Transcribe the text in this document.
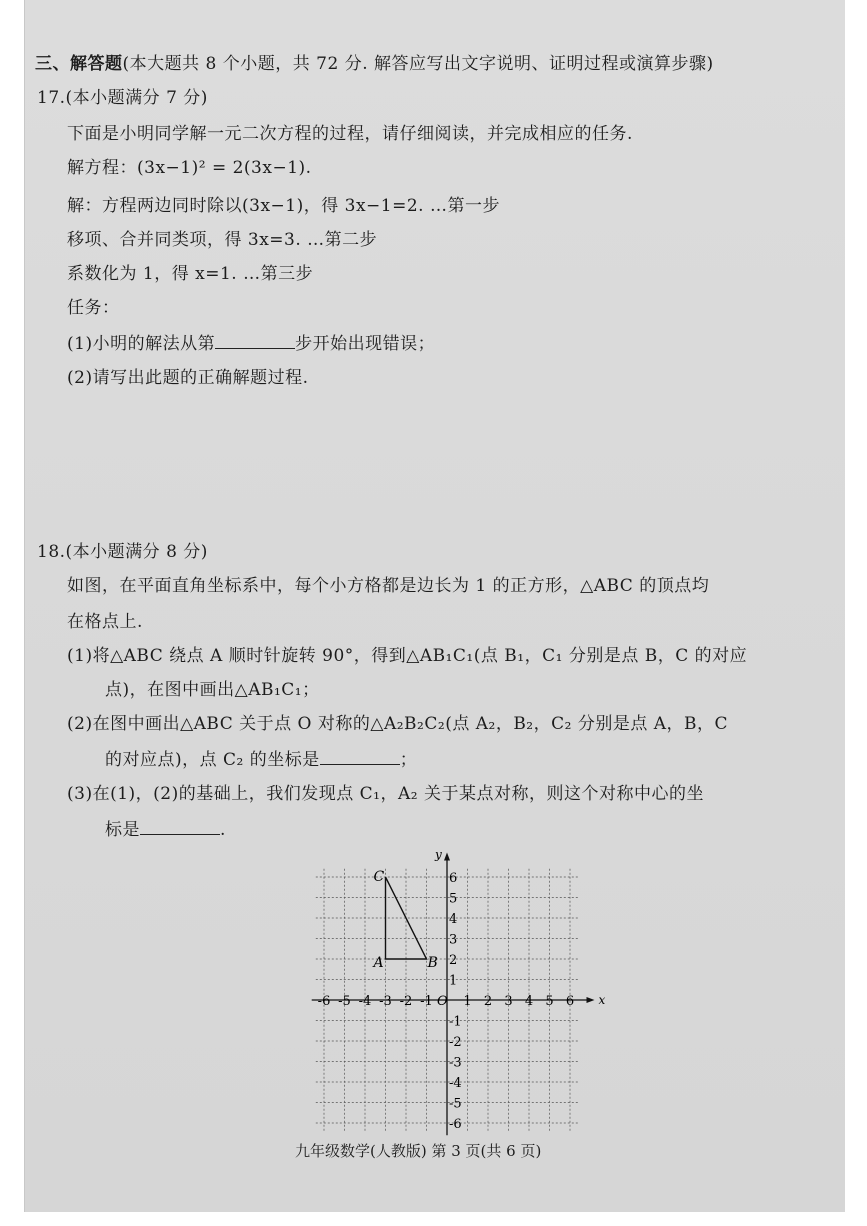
三、解答题(本大题共 8 个小题，共 72 分. 解答应写出文字说明、证明过程或演算步骤)
17.(本小题满分 7 分)
下面是小明同学解一元二次方程的过程，请仔细阅读，并完成相应的任务.
解方程：(3x−1)² = 2(3x−1).
解：方程两边同时除以(3x−1)，得 3x−1=2. …第一步
移项、合并同类项，得 3x=3. …第二步
系数化为 1，得 x=1. …第三步
任务：
(1)小明的解法从第	步开始出现错误；
(2)请写出此题的正确解题过程.
18.(本小题满分 8 分)
如图，在平面直角坐标系中，每个小方格都是边长为 1 的正方形，△ABC 的顶点均
在格点上.
(1)将△ABC 绕点 A 顺时针旋转 90°，得到△AB₁C₁(点 B₁，C₁ 分别是点 B，C 的对应
点)，在图中画出△AB₁C₁；
(2)在图中画出△ABC 关于点 O 对称的△A₂B₂C₂(点 A₂，B₂，C₂ 分别是点 A，B，C
的对应点)，点 C₂ 的坐标是	；
(3)在(1)，(2)的基础上，我们发现点 C₁，A₂ 关于某点对称，则这个对称中心的坐
标是	.
x
y
O
-6 -5 -4 -3 -2 -1 1 2 3 4 5 6
6
5
4
3
2
1
-1
-2
-3
-4
-5
-6
A	B
C
九年级数学(人教版) 第 3 页(共 6 页)
